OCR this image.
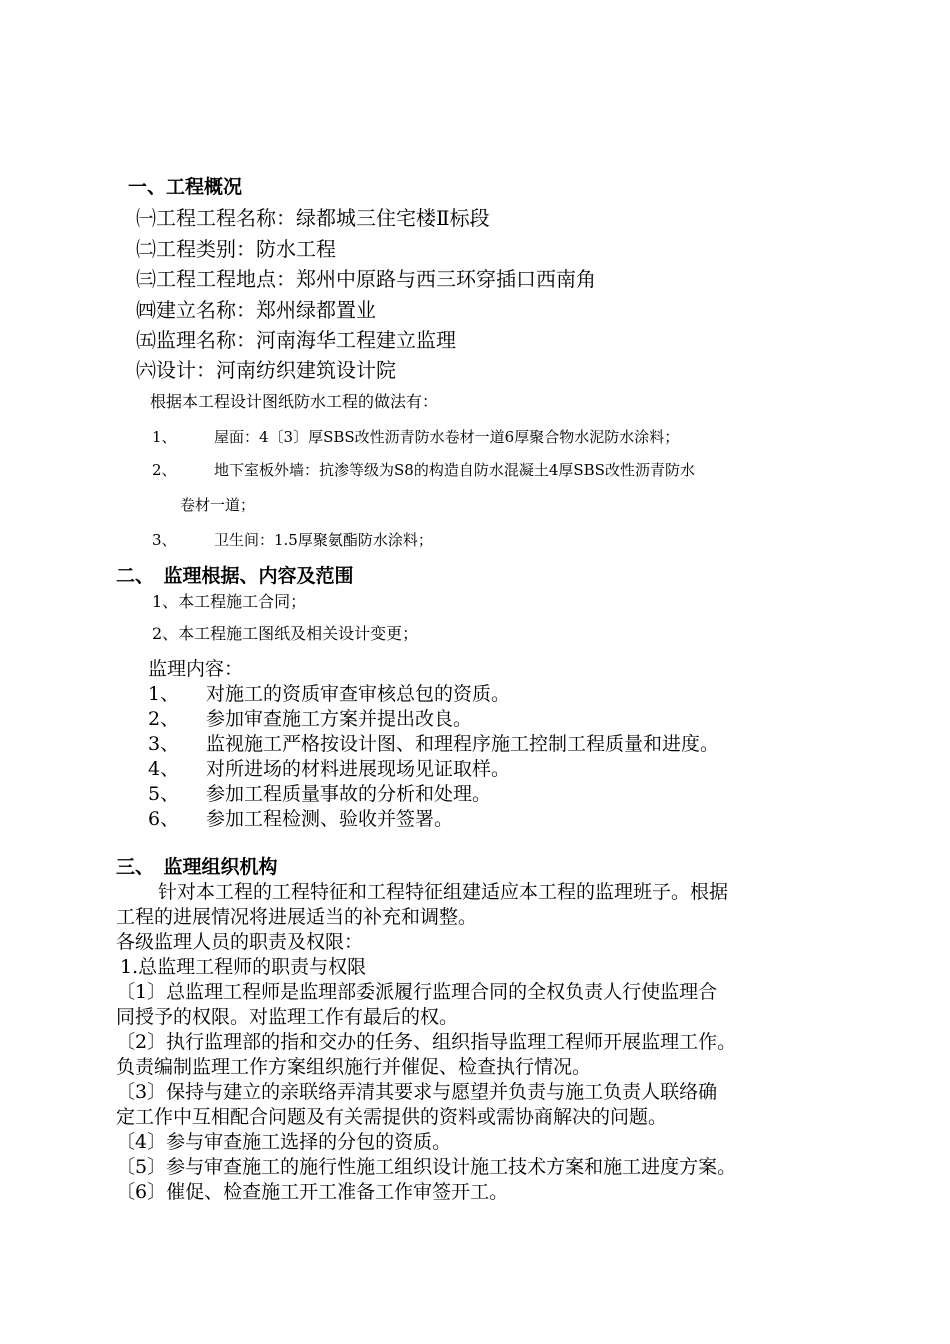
一、工程概况
㈠工程工程名称：绿都城三住宅楼Ⅱ标段
㈡工程类别：防水工程
㈢工程工程地点：郑州中原路与西三环穿插口西南角
㈣建立名称：郑州绿都置业
㈤监理名称：河南海华工程建立监理
㈥设计：河南纺织建筑设计院
根据本工程设计图纸防水工程的做法有：
1、 屋面：4〔3〕厚SBS改性沥青防水卷材一道6厚聚合物水泥防水涂料；
2、 地下室板外墙：抗渗等级为S8的构造自防水混凝土4厚SBS改性沥青防水
卷材一道；
3、 卫生间：1.5厚聚氨酯防水涂料；
二、　监理根据、内容及范围
1、本工程施工合同；
2、本工程施工图纸及相关设计变更；
监理内容：
1、 对施工的资质审查审核总包的资质。
2、 参加审查施工方案并提出改良。
3、 监视施工严格按设计图、和理程序施工控制工程质量和进度。
4、 对所进场的材料进展现场见证取样。
5、 参加工程质量事故的分析和处理。
6、 参加工程检测、验收并签署。
三、　监理组织机构
针对本工程的工程特征和工程特征组建适应本工程的监理班子。根据
工程的进展情况将进展适当的补充和调整。
各级监理人员的职责及权限：
1.总监理工程师的职责与权限
〔1〕总监理工程师是监理部委派履行监理合同的全权负责人行使监理合
同授予的权限。对监理工作有最后的权。
〔2〕执行监理部的指和交办的任务、组织指导监理工程师开展监理工作。
负责编制监理工作方案组织施行并催促、检查执行情况。
〔3〕保持与建立的亲联络弄清其要求与愿望并负责与施工负责人联络确
定工作中互相配合问题及有关需提供的资料或需协商解决的问题。
〔4〕参与审查施工选择的分包的资质。
〔5〕参与审查施工的施行性施工组织设计施工技术方案和施工进度方案。
〔6〕催促、检查施工开工准备工作审签开工。
